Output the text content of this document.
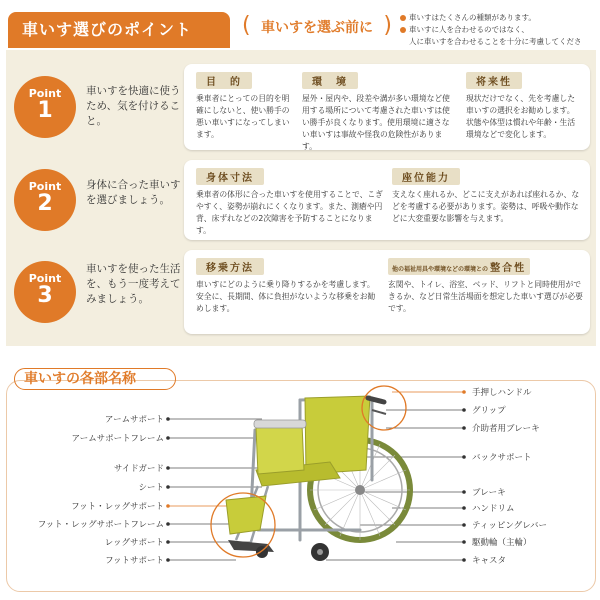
車いす選びのポイント
(	車いすを選ぶ前に )
車いすはたくさんの種類があります。
車いすに人を合わせるのではなく、
人に車いすを合わせることを十分に考慮してくださ
Point
1
車いすを快適に使うため、気を付けること。
目　的

乗車者にとっての目的を明確にしないと、使い勝手の悪い車いすになってしまいます。

環　境

屋外・屋内や、段差や溝が多い環境など使用する場所について考慮された車いすは使い勝手が良くなります。使用環境に適さない車いすは事故や怪我の危険性があります。

将来性

現状だけでなく、先を考慮した車いすの選択をお勧めします。状態や体型は慣れや年齢・生活環境などで変化します。

Point
2
身体に合った車いすを選びましょう。
身体寸法

乗車者の体形に合った車いすを使用することで、こぎやすく、姿勢が崩れにくくなります。また、測瘡や円背、床ずれなどの2次障害を予防することになります。

座位能力

支えなく座れるか、どこに支えがあれば座れるか、などを考慮する必要があります。姿勢は、呼吸や動作などに大変重要な影響を与えます。

Point
3
車いすを使った生活を、もう一度考えてみましょう。
移乗方法

車いすにどのように乗り降りするかを考慮します。安全に、長期間、体に負担がないような移乗をお勧めします。

他の福祉用具や環境などの環境との 整合性

玄関や、トイレ、浴室、ベッド、リフトと同時使用ができるか、など日常生活場面を想定した車いす選びが必要です。

車いすの各部名称
アームサポート
アームサポートフレーム
サイドガード
シート
フット・レッグサポート
フット・レッグサポートフレーム
レッグサポート
フットサポート
手押しハンドル
グリップ
介助者用ブレーキ
バックサポート
ブレーキ
ハンドリム
ティッピングレバー
駆動輪（主輪）
キャスタ
